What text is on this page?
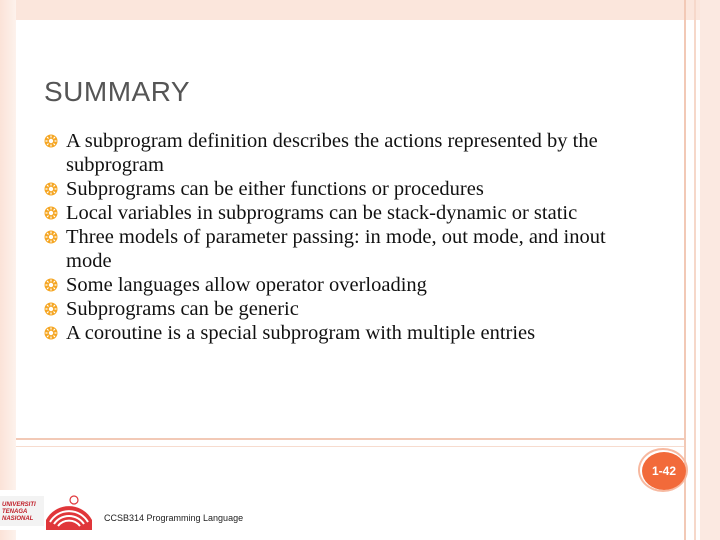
SUMMARY
A subprogram definition describes the actions represented by the subprogram
Subprograms can be either functions or procedures
Local variables in subprograms can be stack-dynamic or static
Three models of parameter passing: in mode, out mode, and inout mode
Some languages allow operator overloading
Subprograms can be generic
A coroutine is a special subprogram with multiple entries
1-42
UNIVERSITI TENAGA NASIONAL	CCSB314 Programming Language
